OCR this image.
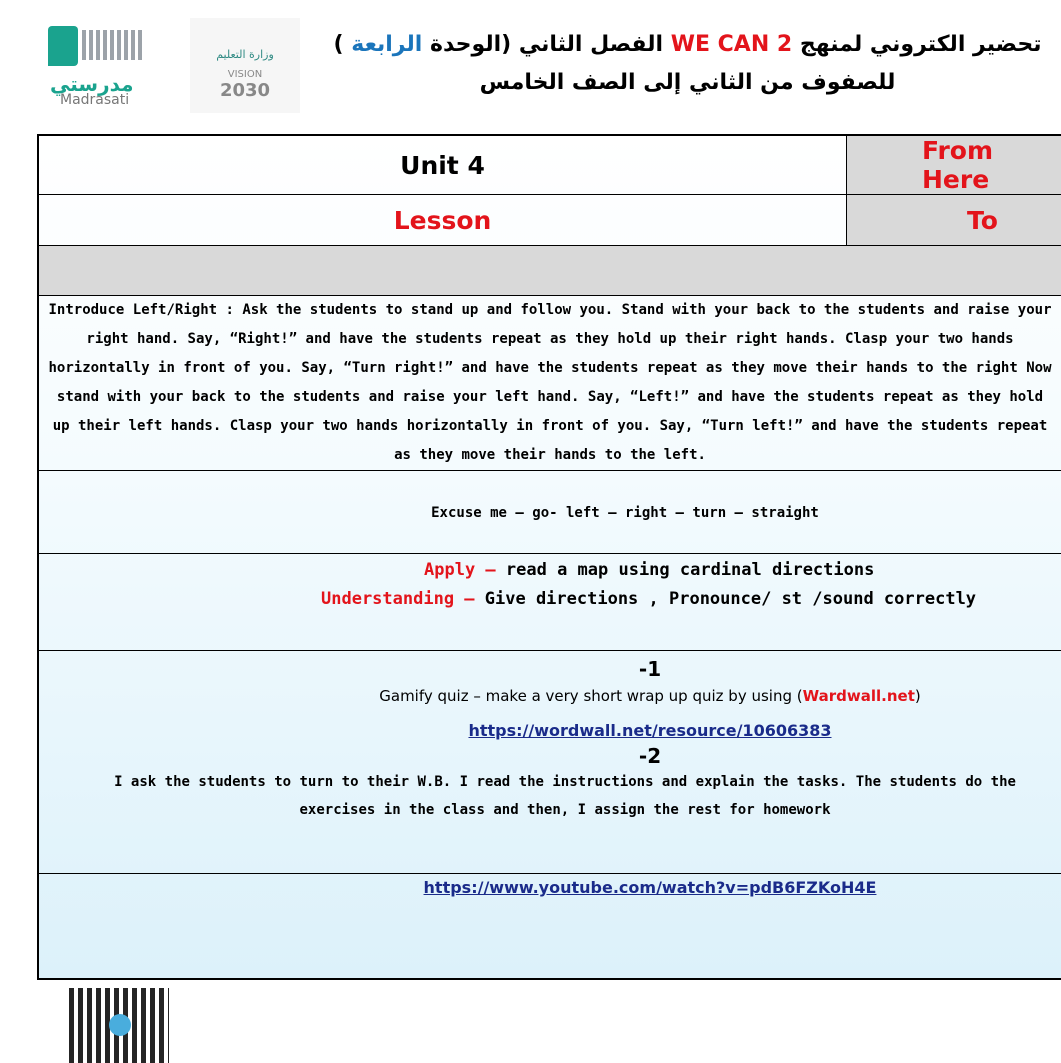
مدرستي
Madrasati
وزارة التعليم
VISION
2030
تحضير الكتروني لمنهج WE CAN 2 الفصل الثاني (الوحدة الرابعة )
للصفوف من الثاني إلى الصف الخامس
Unit 4	From Here
Lesson	To

Introduce Left/Right : Ask the students to stand up and follow you. Stand with your back to the students and raise your right hand. Say, “Right!” and have the students repeat as they hold up their right hands. Clasp your two hands horizontally in front of you. Say, “Turn right!” and have the students repeat as they move their hands to the right Now stand with your back to the students and raise your left hand. Say, “Left!” and have the students repeat as they hold up their left hands. Clasp your two hands horizontally in front of you. Say, “Turn left!” and have the students repeat as they move their hands to the left.

Excuse me – go- left – right – turn – straight

Apply – read a map using cardinal directions

Understanding – Give directions , Pronounce/ st /sound correctly

-1

Gamify quiz – make a very short wrap up quiz by using (Wardwall.net)

https://wordwall.net/resource/10606383

-2

I ask the students to turn to their W.B. I read the instructions and explain the tasks. The students do the exercises in the class and then, I assign the rest for homework

https://www.youtube.com/watch?v=pdB6FZKoH4E
